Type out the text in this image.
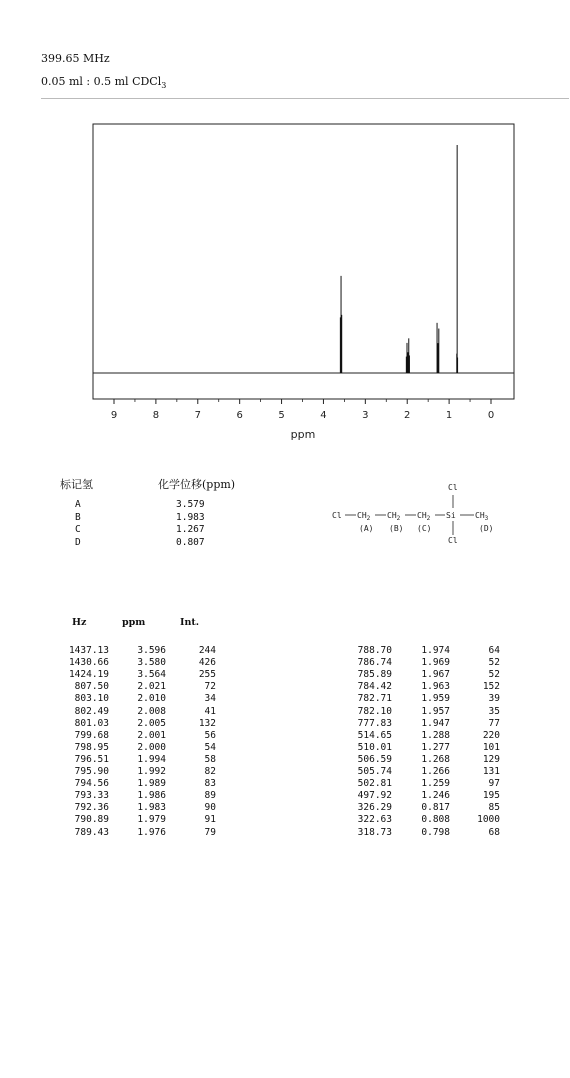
399.65 MHz
0.05 ml : 0.5 ml CDCl$_3$
9	8	7	6	5	4	3	2	1	0
ppm
标记氢	化学位移(ppm)
A	3.579
B	1.983
C	1.267
D	0.807
Cl
Cl $CH_2$ $CH_2$ $CH_2$ Si $CH_3$
Cl
(A) (B) (C)	(D)
Hz	ppm	Int.
1437.13	3.596	244
1430.66	3.580	426
1424.19	3.564	255
807.50	2.021	72
803.10	2.010	34
802.49	2.008	41
801.03	2.005	132
799.68	2.001	56
798.95	2.000	54
796.51	1.994	58
795.90	1.992	82
794.56	1.989	83
793.33	1.986	89
792.36	1.983	90
790.89	1.979	91
789.43	1.976	79
788.70	1.974	64
786.74	1.969	52
785.89	1.967	52
784.42	1.963	152
782.71	1.959	39
782.10	1.957	35
777.83	1.947	77
514.65	1.288	220
510.01	1.277	101
506.59	1.268	129
505.74	1.266	131
502.81	1.259	97
497.92	1.246	195
326.29	0.817	85
322.63	0.808	1000
318.73	0.798	68
